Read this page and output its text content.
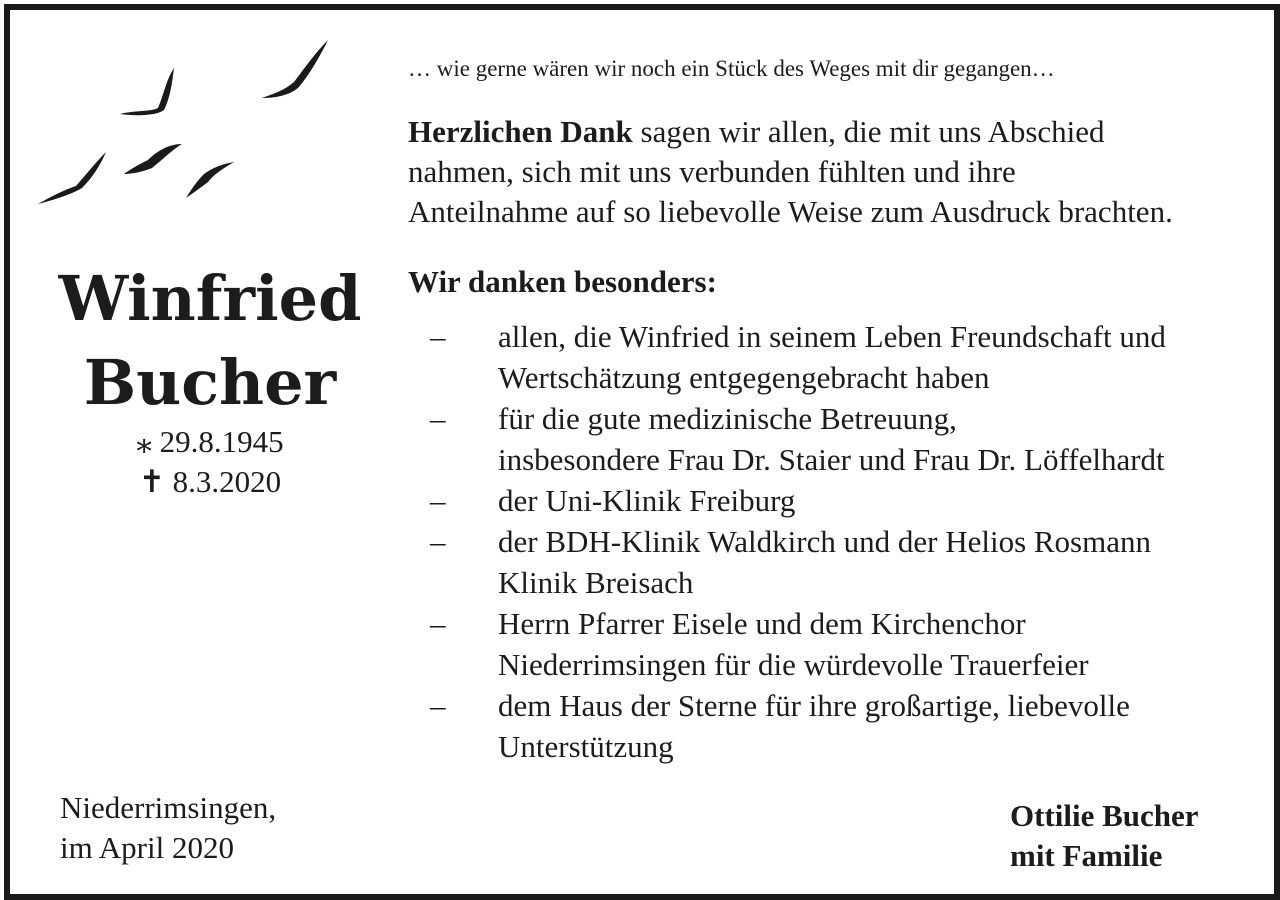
Winfried
Bucher
⁎ 29.8.1945
✝ 8.3.2020
Niederrimsingen,
im April 2020
… wie gerne wären wir noch ein Stück des Weges mit dir gegangen…
Herzlichen Dank sagen wir allen, die mit uns Abschied
nahmen, sich mit uns verbunden fühlten und ihre
Anteilnahme auf so liebevolle Weise zum Ausdruck brachten.
Wir danken besonders:
– allen, die Winfried in seinem Leben Freundschaft und
Wertschätzung entgegengebracht haben
– für die gute medizinische Betreuung,
insbesondere Frau Dr. Staier und Frau Dr. Löffelhardt
– der Uni-Klinik Freiburg
– der BDH-Klinik Waldkirch und der Helios Rosmann
Klinik Breisach
– Herrn Pfarrer Eisele und dem Kirchenchor
Niederrimsingen für die würdevolle Trauerfeier
– dem Haus der Sterne für ihre großartige, liebevolle
Unterstützung
Ottilie Bucher
mit Familie
